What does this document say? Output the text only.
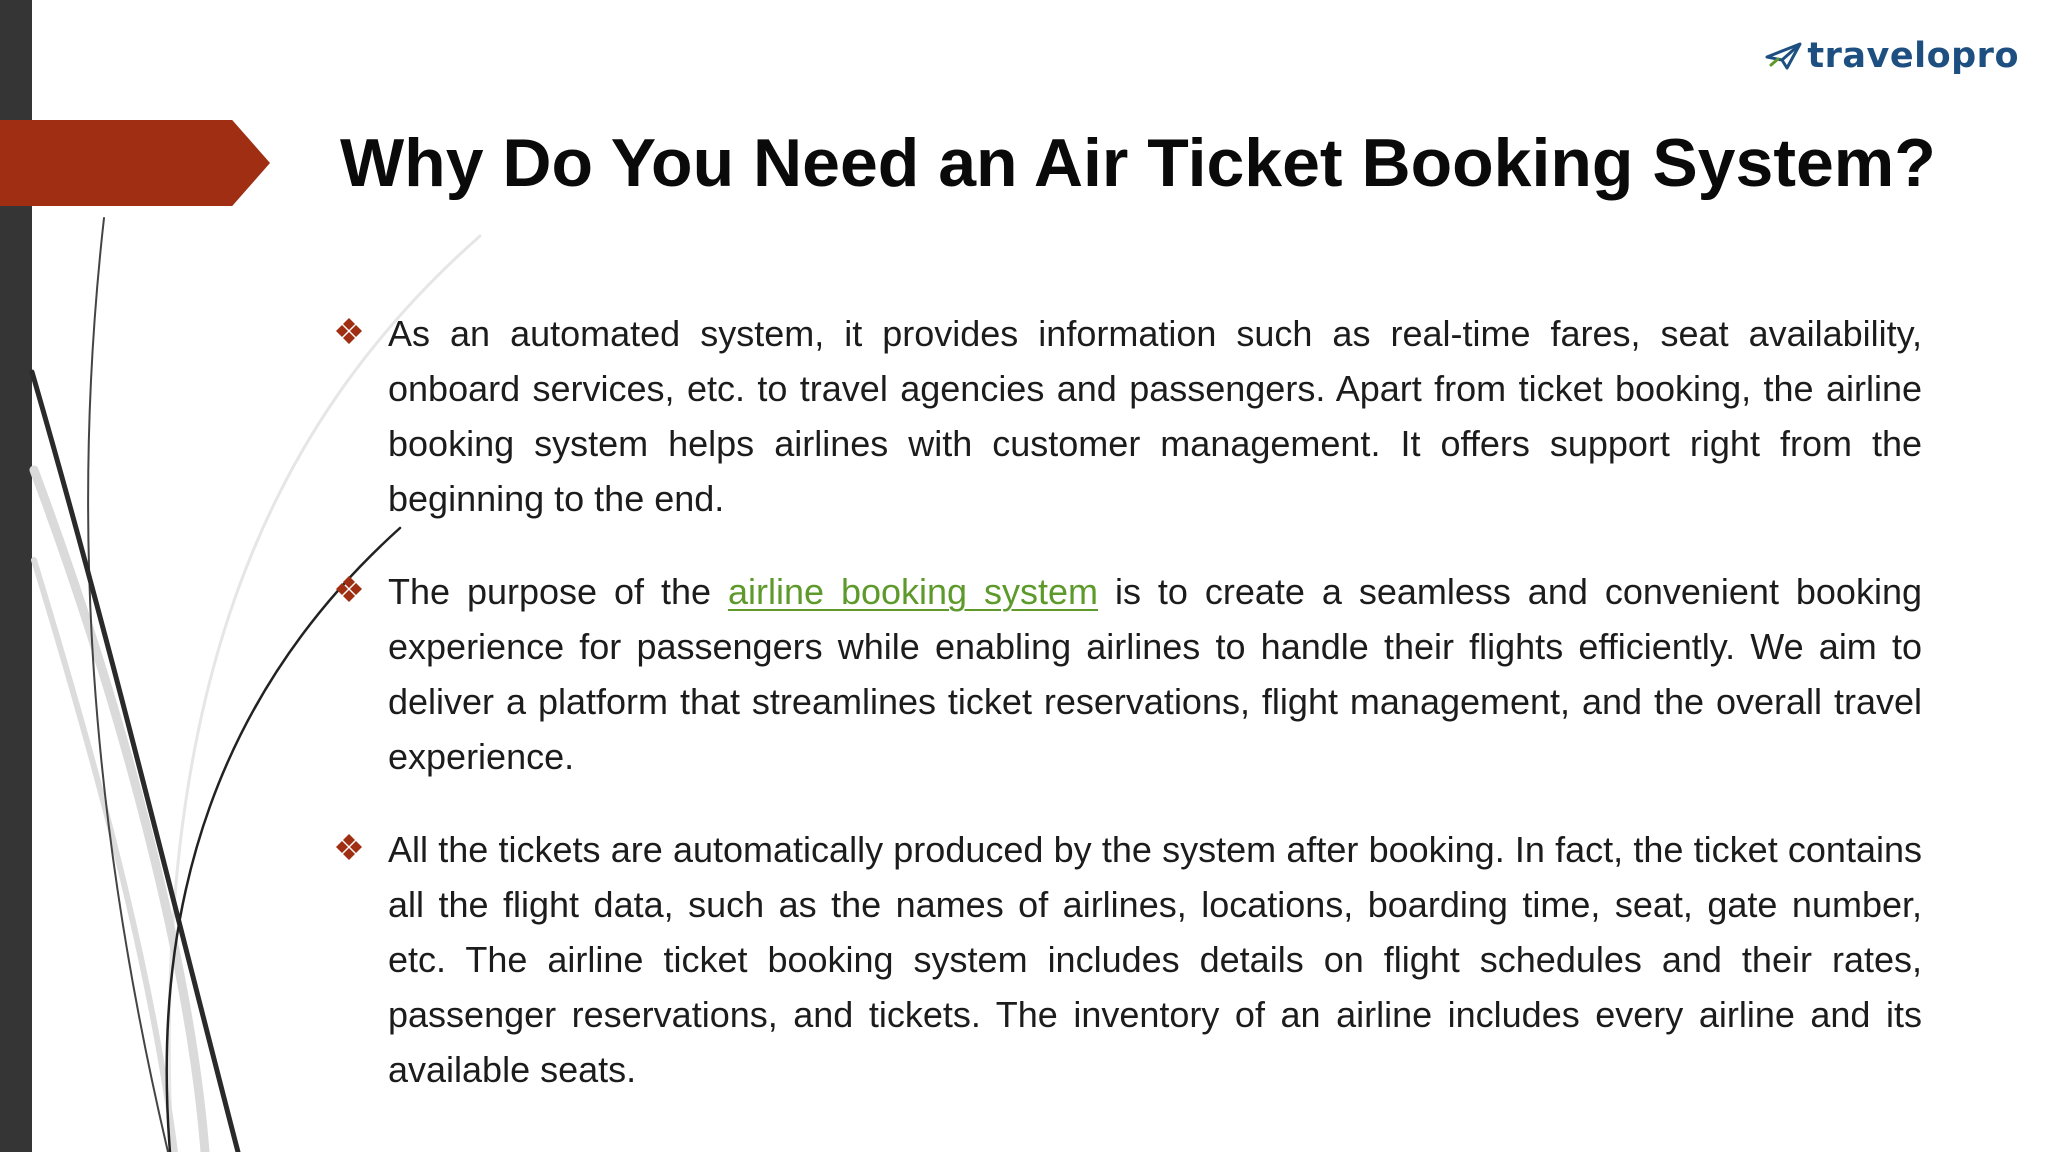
travelopro
Why Do You Need an Air Ticket Booking System?
As an automated system, it provides information such as real-time fares, seat availability, onboard services, etc. to travel agencies and passengers. Apart from ticket booking, the airline booking system helps airlines with customer management. It offers support right from the beginning to the end.
The purpose of the airline booking system is to create a seamless and convenient booking experience for passengers while enabling airlines to handle their flights efficiently. We aim to deliver a platform that streamlines ticket reservations, flight management, and the overall travel experience.
All the tickets are automatically produced by the system after booking. In fact, the ticket contains all the flight data, such as the names of airlines, locations, boarding time, seat, gate number, etc. The airline ticket booking system includes details on flight schedules and their rates, passenger reservations, and tickets. The inventory of an airline includes every airline and its available seats.
